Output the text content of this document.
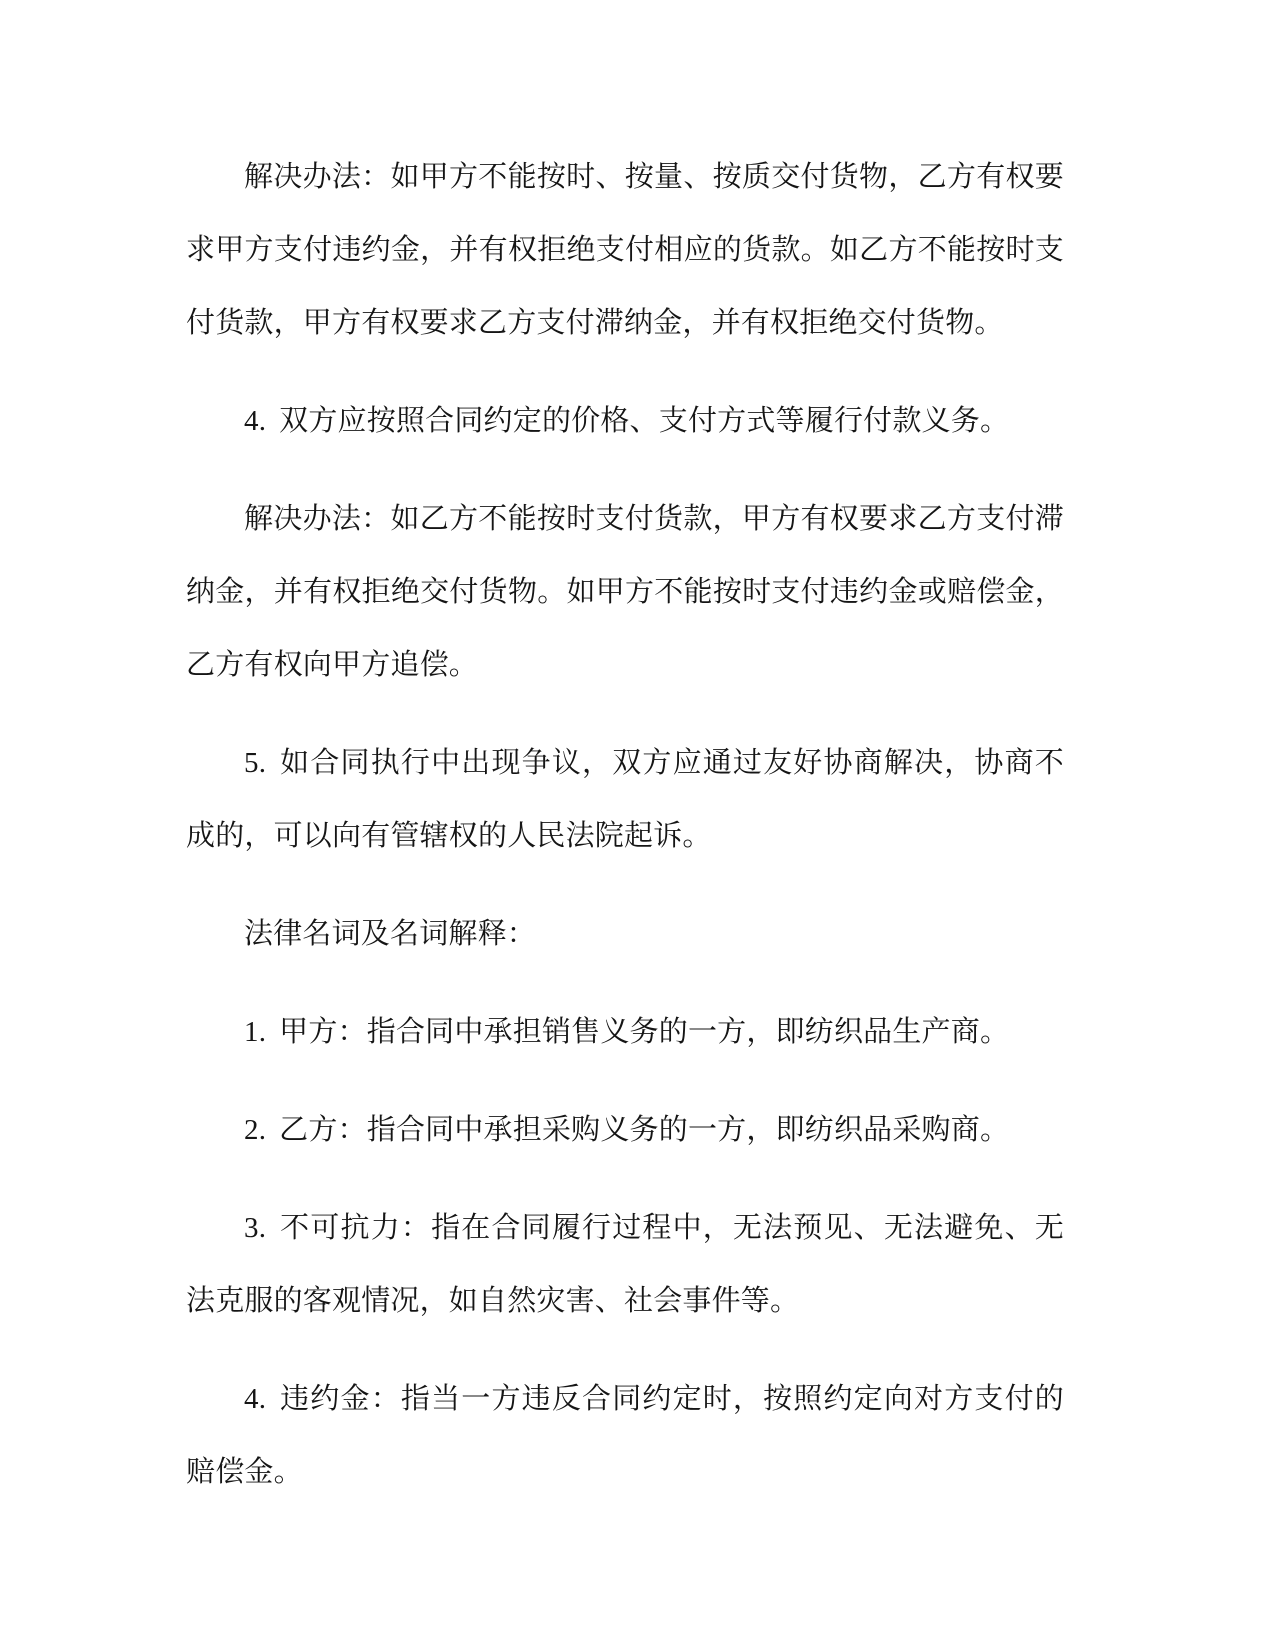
解决办法：如甲方不能按时、按量、按质交付货物，乙方有权要求甲方支付违约金，并有权拒绝支付相应的货款。如乙方不能按时支付货款，甲方有权要求乙方支付滞纳金，并有权拒绝交付货物。

4. 双方应按照合同约定的价格、支付方式等履行付款义务。

解决办法：如乙方不能按时支付货款，甲方有权要求乙方支付滞纳金，并有权拒绝交付货物。如甲方不能按时支付违约金或赔偿金，乙方有权向甲方追偿。

5. 如合同执行中出现争议，双方应通过友好协商解决，协商不成的，可以向有管辖权的人民法院起诉。

法律名词及名词解释：

1. 甲方：指合同中承担销售义务的一方，即纺织品生产商。

2. 乙方：指合同中承担采购义务的一方，即纺织品采购商。

3. 不可抗力：指在合同履行过程中，无法预见、无法避免、无法克服的客观情况，如自然灾害、社会事件等。

4. 违约金：指当一方违反合同约定时，按照约定向对方支付的赔偿金。
